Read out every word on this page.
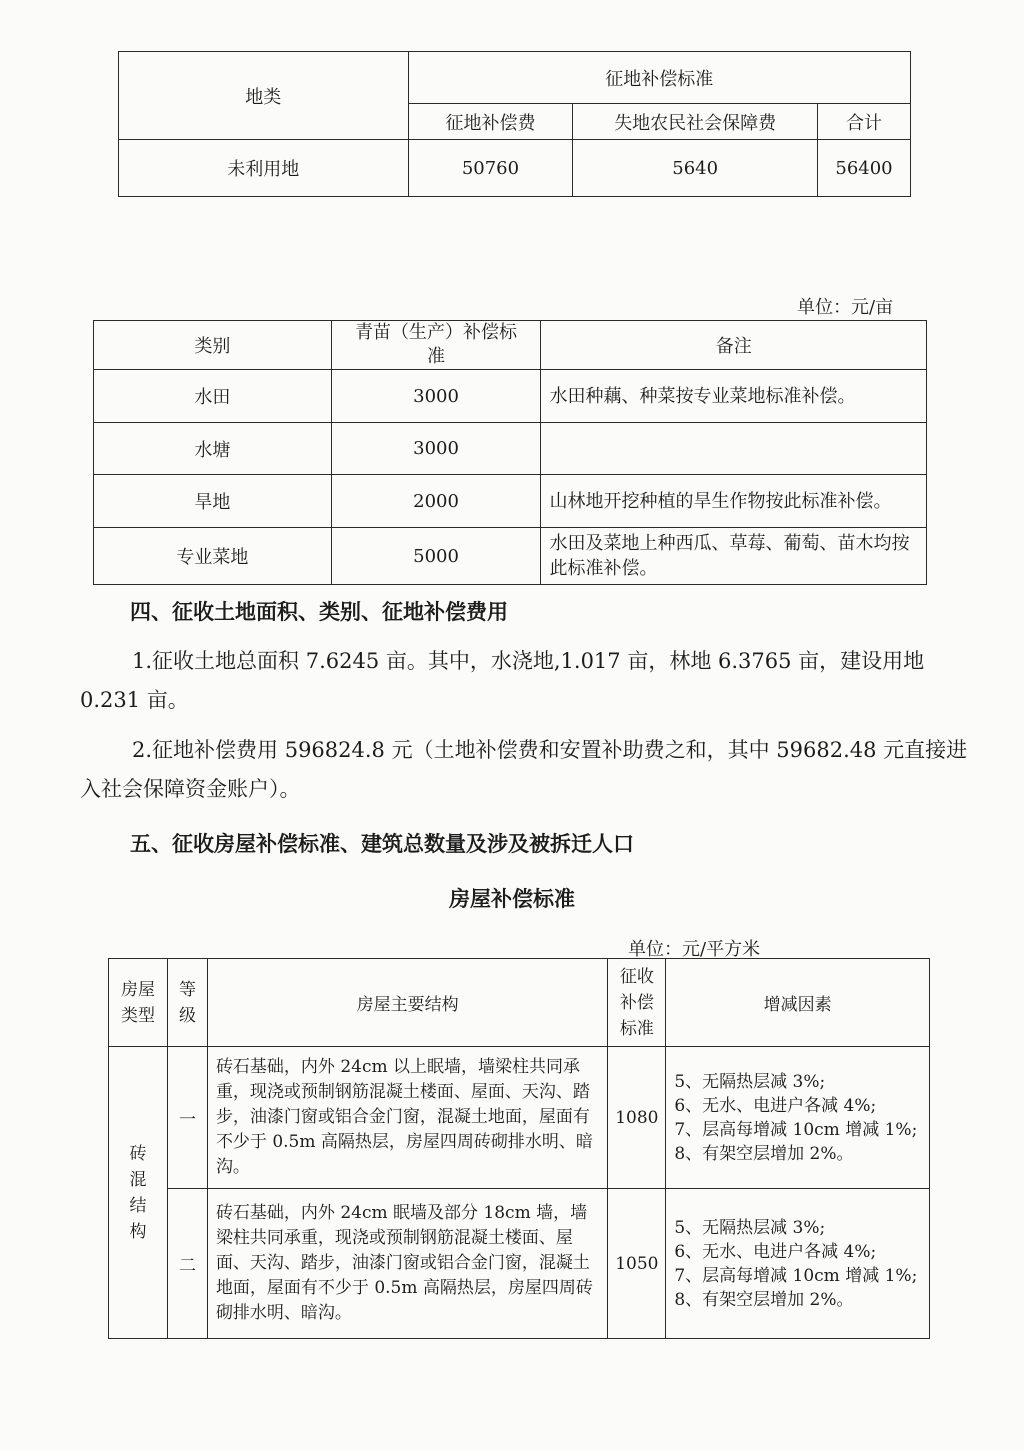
地类	征地补偿标准		
	征地补偿费	失地农民社会保障费	合计
未利用地	50760	5640	56400
单位：元/亩
类别	青苗（生产）补偿标准	备注
水田	3000	水田种藕、种菜按专业菜地标准补偿。
水塘	3000	
旱地	2000	山林地开挖种植的旱生作物按此标准补偿。
专业菜地	5000	水田及菜地上种西瓜、草莓、葡萄、苗木均按此标准补偿。

四、征收土地面积、类别、征地补偿费用

1.征收土地总面积 7.6245 亩。其中，水浇地,1.017 亩，林地 6.3765 亩，建设用地 0.231 亩。

2.征地补偿费用 596824.8 元（土地补偿费和安置补助费之和，其中 59682.48 元直接进入社会保障资金账户）。

五、征收房屋补偿标准、建筑总数量及涉及被拆迁人口

房屋补偿标准
单位：元/平方米
房屋类型	等级	房屋主要结构	征收补偿标准	增减因素

砖混结构	一	砖石基础，内外 24cm 以上眠墙，墙梁柱共同承重，现浇或预制钢筋混凝土楼面、屋面、天沟、踏步，油漆门窗或铝合金门窗，混凝土地面，屋面有不少于 0.5m 高隔热层，房屋四周砖砌排水明、暗沟。	1080	5、无隔热层减 3%;
6、无水、电进户各减 4%;
7、层高每增减 10cm 增减 1%;
8、有架空层增加 2%。

	二	砖石基础，内外 24cm 眠墙及部分 18cm 墙，墙梁柱共同承重，现浇或预制钢筋混凝土楼面、屋面、天沟、踏步，油漆门窗或铝合金门窗，混凝土地面，屋面有不少于 0.5m 高隔热层，房屋四周砖砌排水明、暗沟。	1050	5、无隔热层减 3%;
6、无水、电进户各减 4%;
7、层高每增减 10cm 增减 1%;
8、有架空层增加 2%。
